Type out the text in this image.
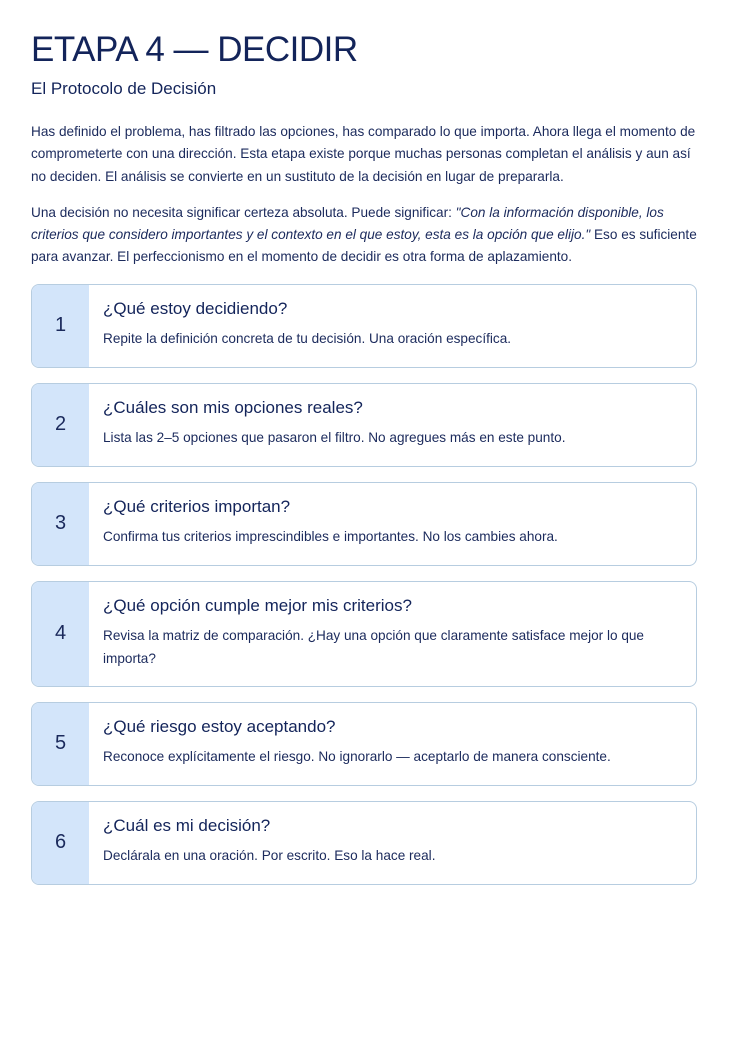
ETAPA 4 — DECIDIR
El Protocolo de Decisión

Has definido el problema, has filtrado las opciones, has comparado lo que importa. Ahora llega el momento de comprometerte con una dirección. Esta etapa existe porque muchas personas completan el análisis y aun así no deciden. El análisis se convierte en un sustituto de la decisión en lugar de prepararla.

Una decisión no necesita significar certeza absoluta. Puede significar: "Con la información disponible, los criterios que considero importantes y el contexto en el que estoy, esta es la opción que elijo." Eso es suficiente para avanzar. El perfeccionismo en el momento de decidir es otra forma de aplazamiento.

1
¿Qué estoy decidiendo?
Repite la definición concreta de tu decisión. Una oración específica.
2
¿Cuáles son mis opciones reales?
Lista las 2–5 opciones que pasaron el filtro. No agregues más en este punto.
3
¿Qué criterios importan?
Confirma tus criterios imprescindibles e importantes. No los cambies ahora.
4
¿Qué opción cumple mejor mis criterios?
Revisa la matriz de comparación. ¿Hay una opción que claramente satisface mejor lo que importa?
5
¿Qué riesgo estoy aceptando?
Reconoce explícitamente el riesgo. No ignorarlo — aceptarlo de manera consciente.
6
¿Cuál es mi decisión?
Declárala en una oración. Por escrito. Eso la hace real.
